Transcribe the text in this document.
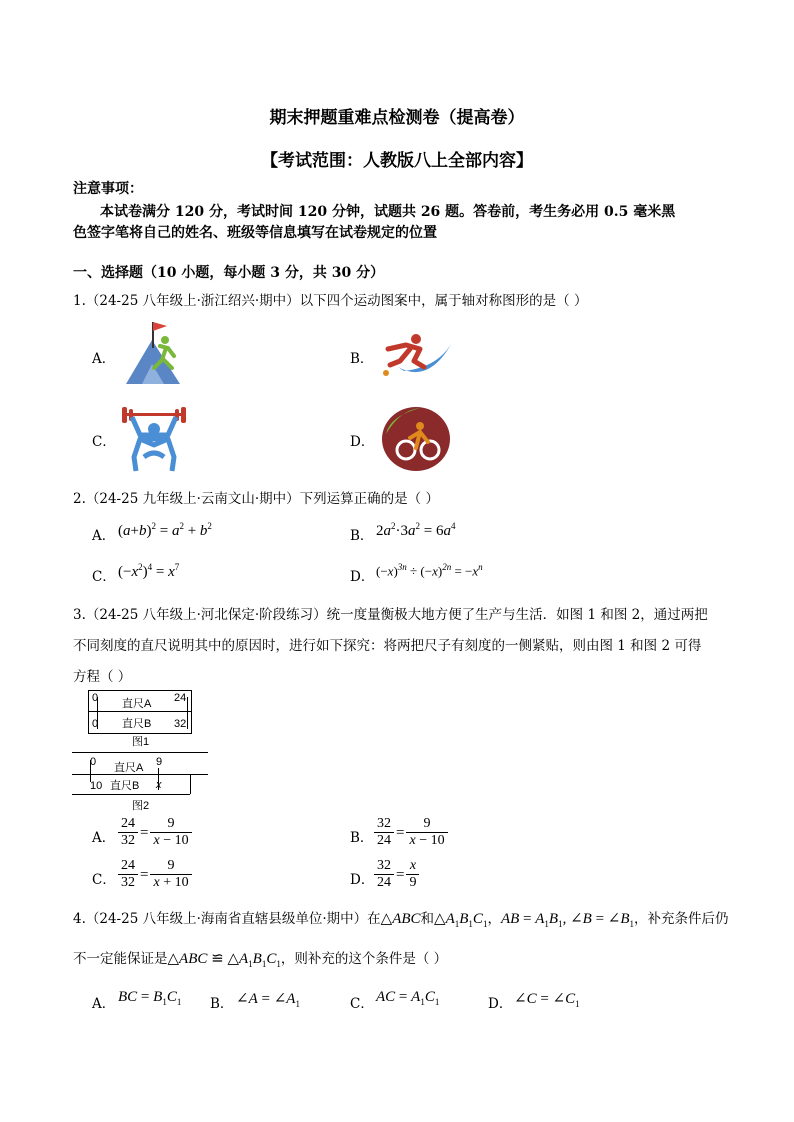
期末押题重难点检测卷（提高卷）
【考试范围：人教版八上全部内容】
注意事项：
本试卷满分 120 分，考试时间 120 分钟，试题共 26 题。答卷前，考生务必用 0.5 毫米黑
色签字笔将自己的姓名、班级等信息填写在试卷规定的位置
一、选择题（10 小题，每小题 3 分，共 30 分）
1.（24-25 八年级上·浙江绍兴·期中）以下四个运动图案中，属于轴对称图形的是（ ）
A．	B．
C．	D．
2.（24-25 九年级上·云南文山·期中）下列运算正确的是（ ）
A． $(a+b)^2 = a^2 + b^2$
B． $2a^2\cdot 3a^2 = 6a^4$
C． $(-x^2)^4 = x^7$
D． $(-x)^{3n} \div (-x)^{2n} = -x^n$
3.（24-25 八年级上·河北保定·阶段练习）统一度量衡极大地方便了生产与生活．如图 1 和图 2，通过两把
不同刻度的直尺说明其中的原因时，进行如下探究：将两把尺子有刻度的一侧紧贴，则由图 1 和图 2 可得
方程（ ）
0	24
直尺A
直尺B
0	32
图1
0	9
直尺A
直尺B
10	x
图2
A． $\frac{24}{32} = \frac{9}{x - 10}$	B． $\frac{32}{24} = \frac{9}{x - 10}$
C． $\frac{24}{32} = \frac{9}{x + 10}$	D． $\frac{32}{24} = \frac{x}{9}$
4.（24-25 八年级上·海南省直辖县级单位·期中）在△ABC和$\triangle A_1B_1C_1$，AB = $A_1B_1$, ∠B = $\angle B_1$，补充条件后仍
不一定能保证是△ABC ≌ $\triangle A_1B_1C_1$，则补充的这个条件是（ ）
A． BC = $B_1C_1$ B． ∠A = $\angle A_1$	C． AC = $A_1C_1$	D． ∠C = $\angle C_1$
